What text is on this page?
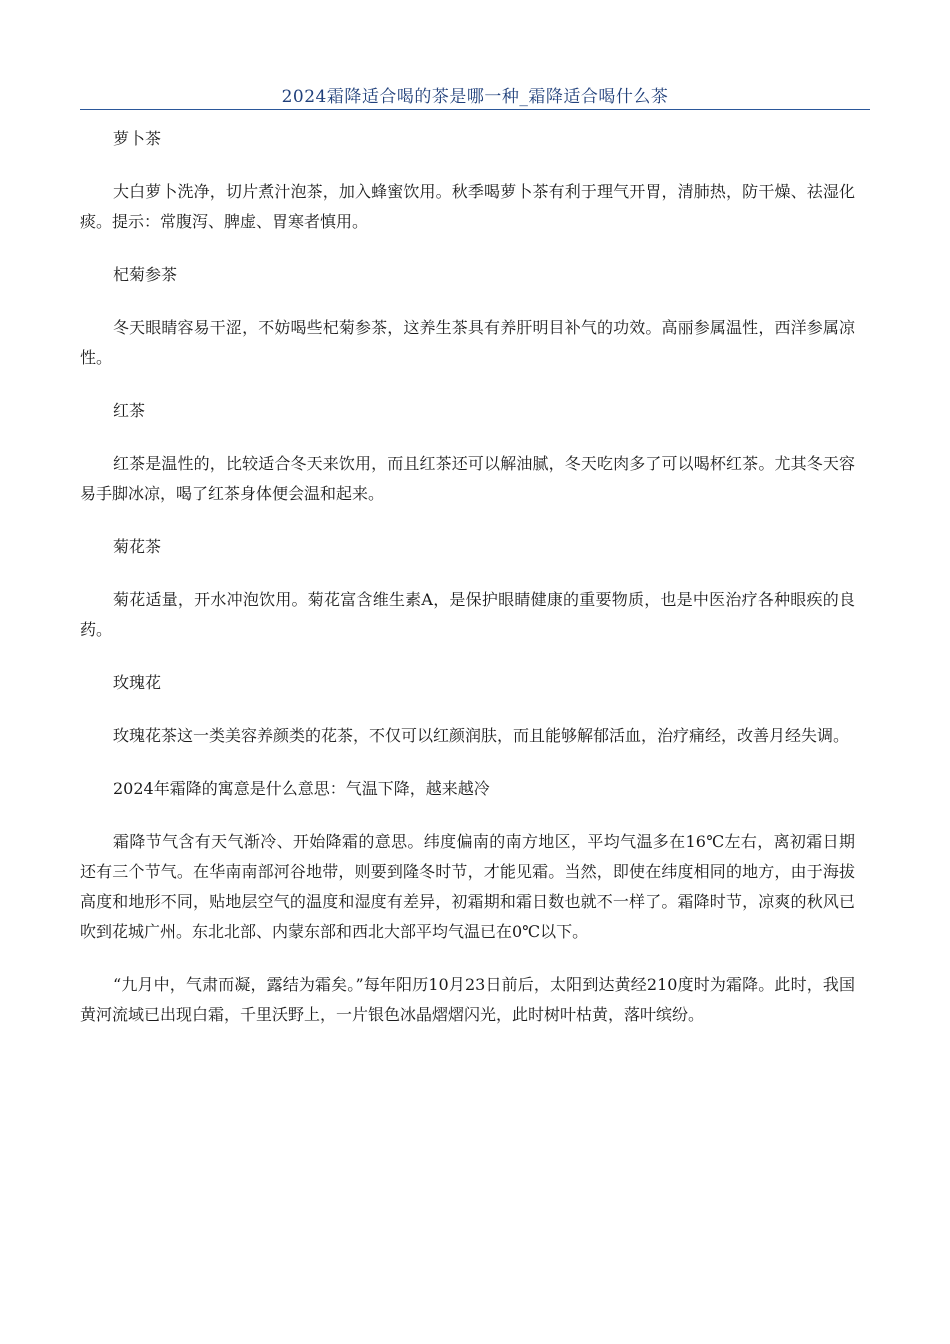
2024霜降适合喝的茶是哪一种_霜降适合喝什么茶

萝卜茶

大白萝卜洗净，切片煮汁泡茶，加入蜂蜜饮用。秋季喝萝卜茶有利于理气开胃，清肺热，防干燥、祛湿化痰。提示：常腹泻、脾虚、胃寒者慎用。

杞菊参茶

冬天眼睛容易干涩，不妨喝些杞菊参茶，这养生茶具有养肝明目补气的功效。高丽参属温性，西洋参属凉性。

红茶

红茶是温性的，比较适合冬天来饮用，而且红茶还可以解油腻，冬天吃肉多了可以喝杯红茶。尤其冬天容易手脚冰凉，喝了红茶身体便会温和起来。

菊花茶

菊花适量，开水冲泡饮用。菊花富含维生素A，是保护眼睛健康的重要物质，也是中医治疗各种眼疾的良药。

玫瑰花

玫瑰花茶这一类美容养颜类的花茶，不仅可以红颜润肤，而且能够解郁活血，治疗痛经，改善月经失调。

2024年霜降的寓意是什么意思：气温下降，越来越冷

霜降节气含有天气渐冷、开始降霜的意思。纬度偏南的南方地区，平均气温多在16℃左右，离初霜日期还有三个节气。在华南南部河谷地带，则要到隆冬时节，才能见霜。当然，即使在纬度相同的地方，由于海拔高度和地形不同，贴地层空气的温度和湿度有差异，初霜期和霜日数也就不一样了。霜降时节，凉爽的秋风已吹到花城广州。东北北部、内蒙东部和西北大部平均气温已在0℃以下。

“九月中，气肃而凝，露结为霜矣。”每年阳历10月23日前后，太阳到达黄经210度时为霜降。此时，我国黄河流域已出现白霜，千里沃野上，一片银色冰晶熠熠闪光，此时树叶枯黄，落叶缤纷。
